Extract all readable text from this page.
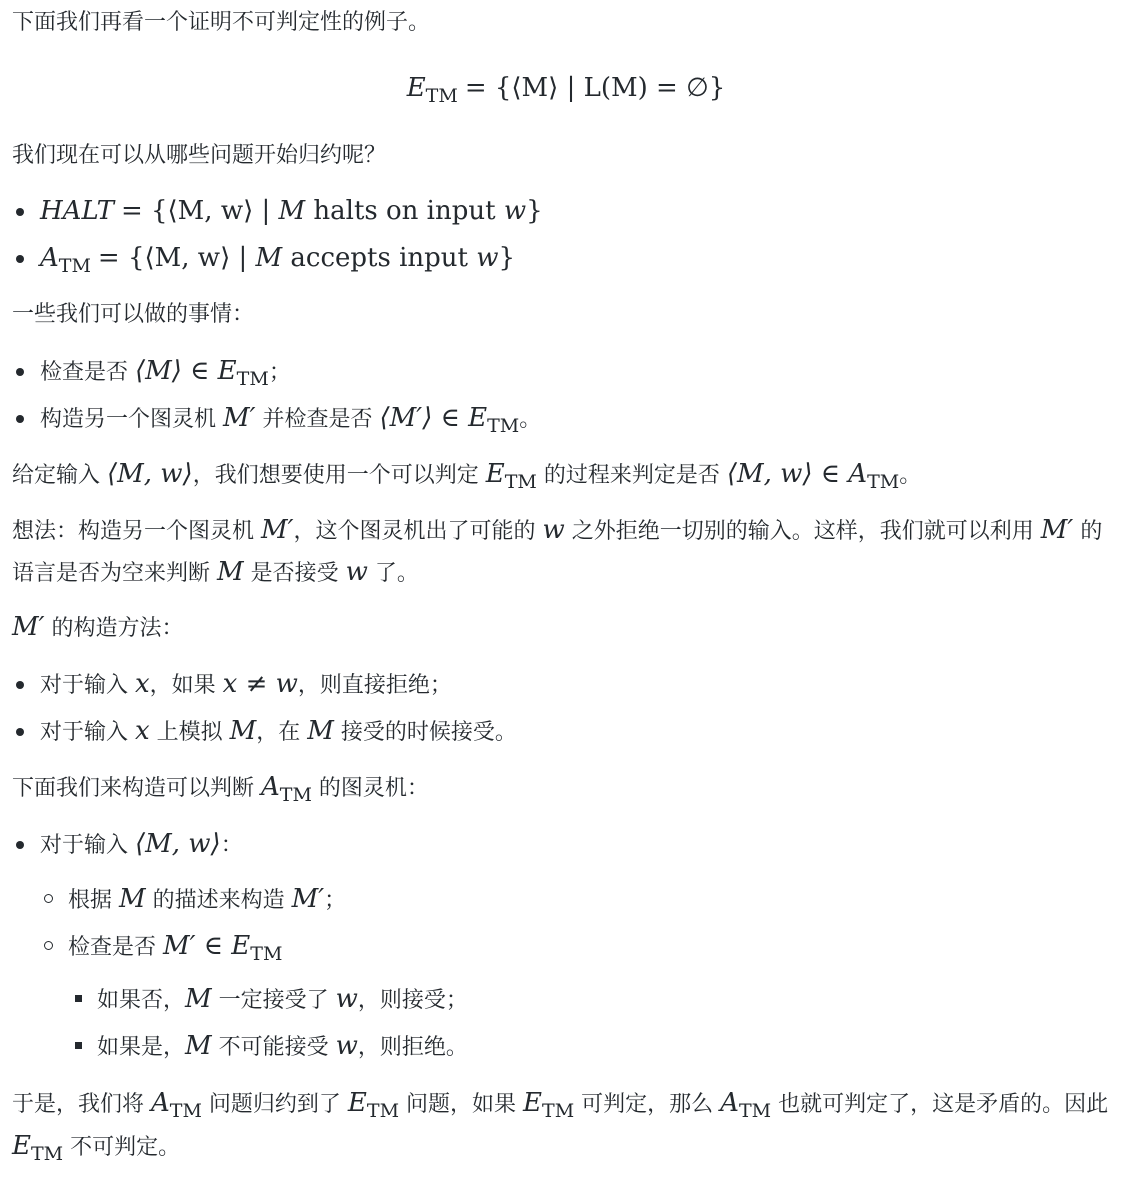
下面我们再看一个证明不可判定性的例子。
ETM = {⟨M⟩ | L(M) = ∅}
我们现在可以从哪些问题开始归约呢？
HALT = {⟨M, w⟩ | M halts on input w}
ATM = {⟨M, w⟩ | M accepts input w}
一些我们可以做的事情：
检查是否 ⟨M⟩ ∈ ETM；
构造另一个图灵机 M′ 并检查是否 ⟨M′⟩ ∈ ETM。
给定输入 ⟨M, w⟩，我们想要使用一个可以判定 ETM 的过程来判定是否 ⟨M, w⟩ ∈ ATM。
想法：构造另一个图灵机 M′，这个图灵机出了可能的 w 之外拒绝一切别的输入。这样，我们就可以利用 M′ 的语言是否为空来判断 M 是否接受 w 了。
M′ 的构造方法：
对于输入 x，如果 x ≠ w，则直接拒绝；
对于输入 x 上模拟 M，在 M 接受的时候接受。
下面我们来构造可以判断 ATM 的图灵机：
对于输入 ⟨M, w⟩：
根据 M 的描述来构造 M′；
检查是否 M′ ∈ ETM
如果否，M 一定接受了 w，则接受；
如果是，M 不可能接受 w，则拒绝。
于是，我们将 ATM 问题归约到了 ETM 问题，如果 ETM 可判定，那么 ATM 也就可判定了，这是矛盾的。因此 ETM 不可判定。
